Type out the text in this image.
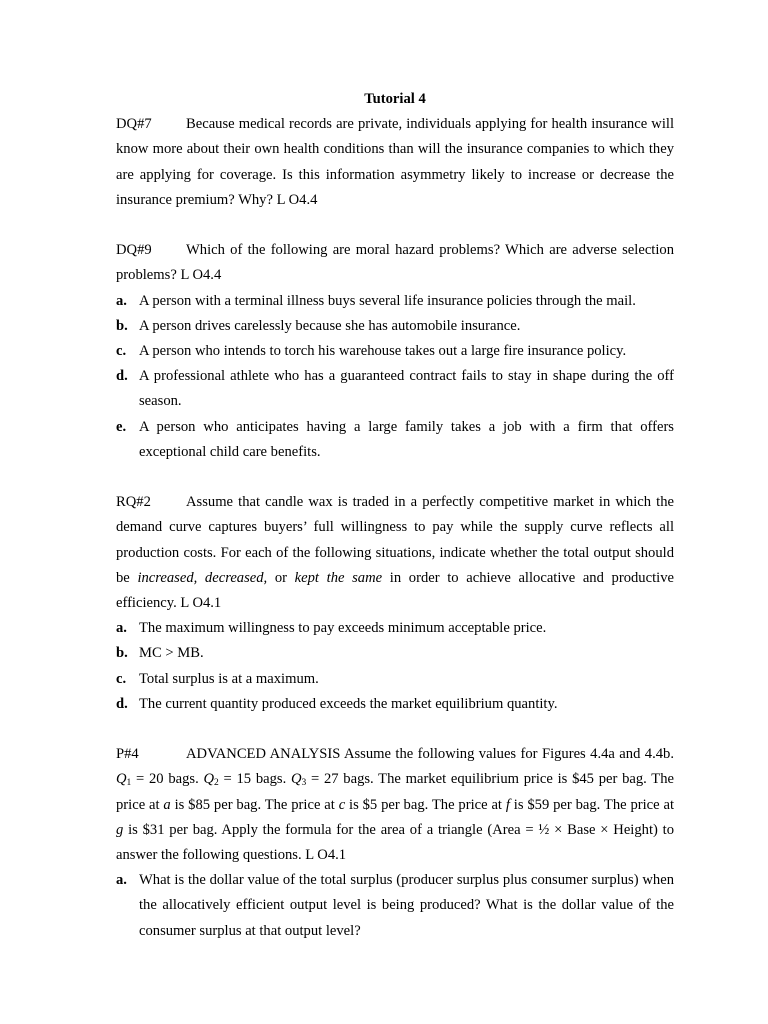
Tutorial 4

DQ#7 Because medical records are private, individuals applying for health insurance will know more about their own health conditions than will the insurance companies to which they are applying for coverage. Is this information asymmetry likely to increase or decrease the insurance premium? Why? L O4.4

DQ#9 Which of the following are moral hazard problems? Which are adverse selection problems? L O4.4

a. A person with a terminal illness buys several life insurance policies through the mail.
b. A person drives carelessly because she has automobile insurance.
c. A person who intends to torch his warehouse takes out a large fire insurance policy.
d. A professional athlete who has a guaranteed contract fails to stay in shape during the off season.
e. A person who anticipates having a large family takes a job with a firm that offers exceptional child care benefits.

RQ#2 Assume that candle wax is traded in a perfectly competitive market in which the demand curve captures buyers’ full willingness to pay while the supply curve reflects all production costs. For each of the following situations, indicate whether the total output should be increased, decreased, or kept the same in order to achieve allocative and productive efficiency. L O4.1

a. The maximum willingness to pay exceeds minimum acceptable price.
b. MC > MB.
c. Total surplus is at a maximum.
d. The current quantity produced exceeds the market equilibrium quantity.

P#4	ADVANCED ANALYSIS Assume the following values for Figures 4.4a and 4.4b. $Q_1 = 20$ bags. $Q_2 = 15$ bags. $Q_3 = 27$ bags. The market equilibrium price is $45 per bag. The price at a is $85 per bag. The price at c is $5 per bag. The price at f is $59 per bag. The price at g is $31 per bag. Apply the formula for the area of a triangle (Area = ½ × Base × Height) to answer the following questions. L O4.1

a. What is the dollar value of the total surplus (producer surplus plus consumer surplus) when the allocatively efficient output level is being produced? What is the dollar value of the consumer surplus at that output level?
